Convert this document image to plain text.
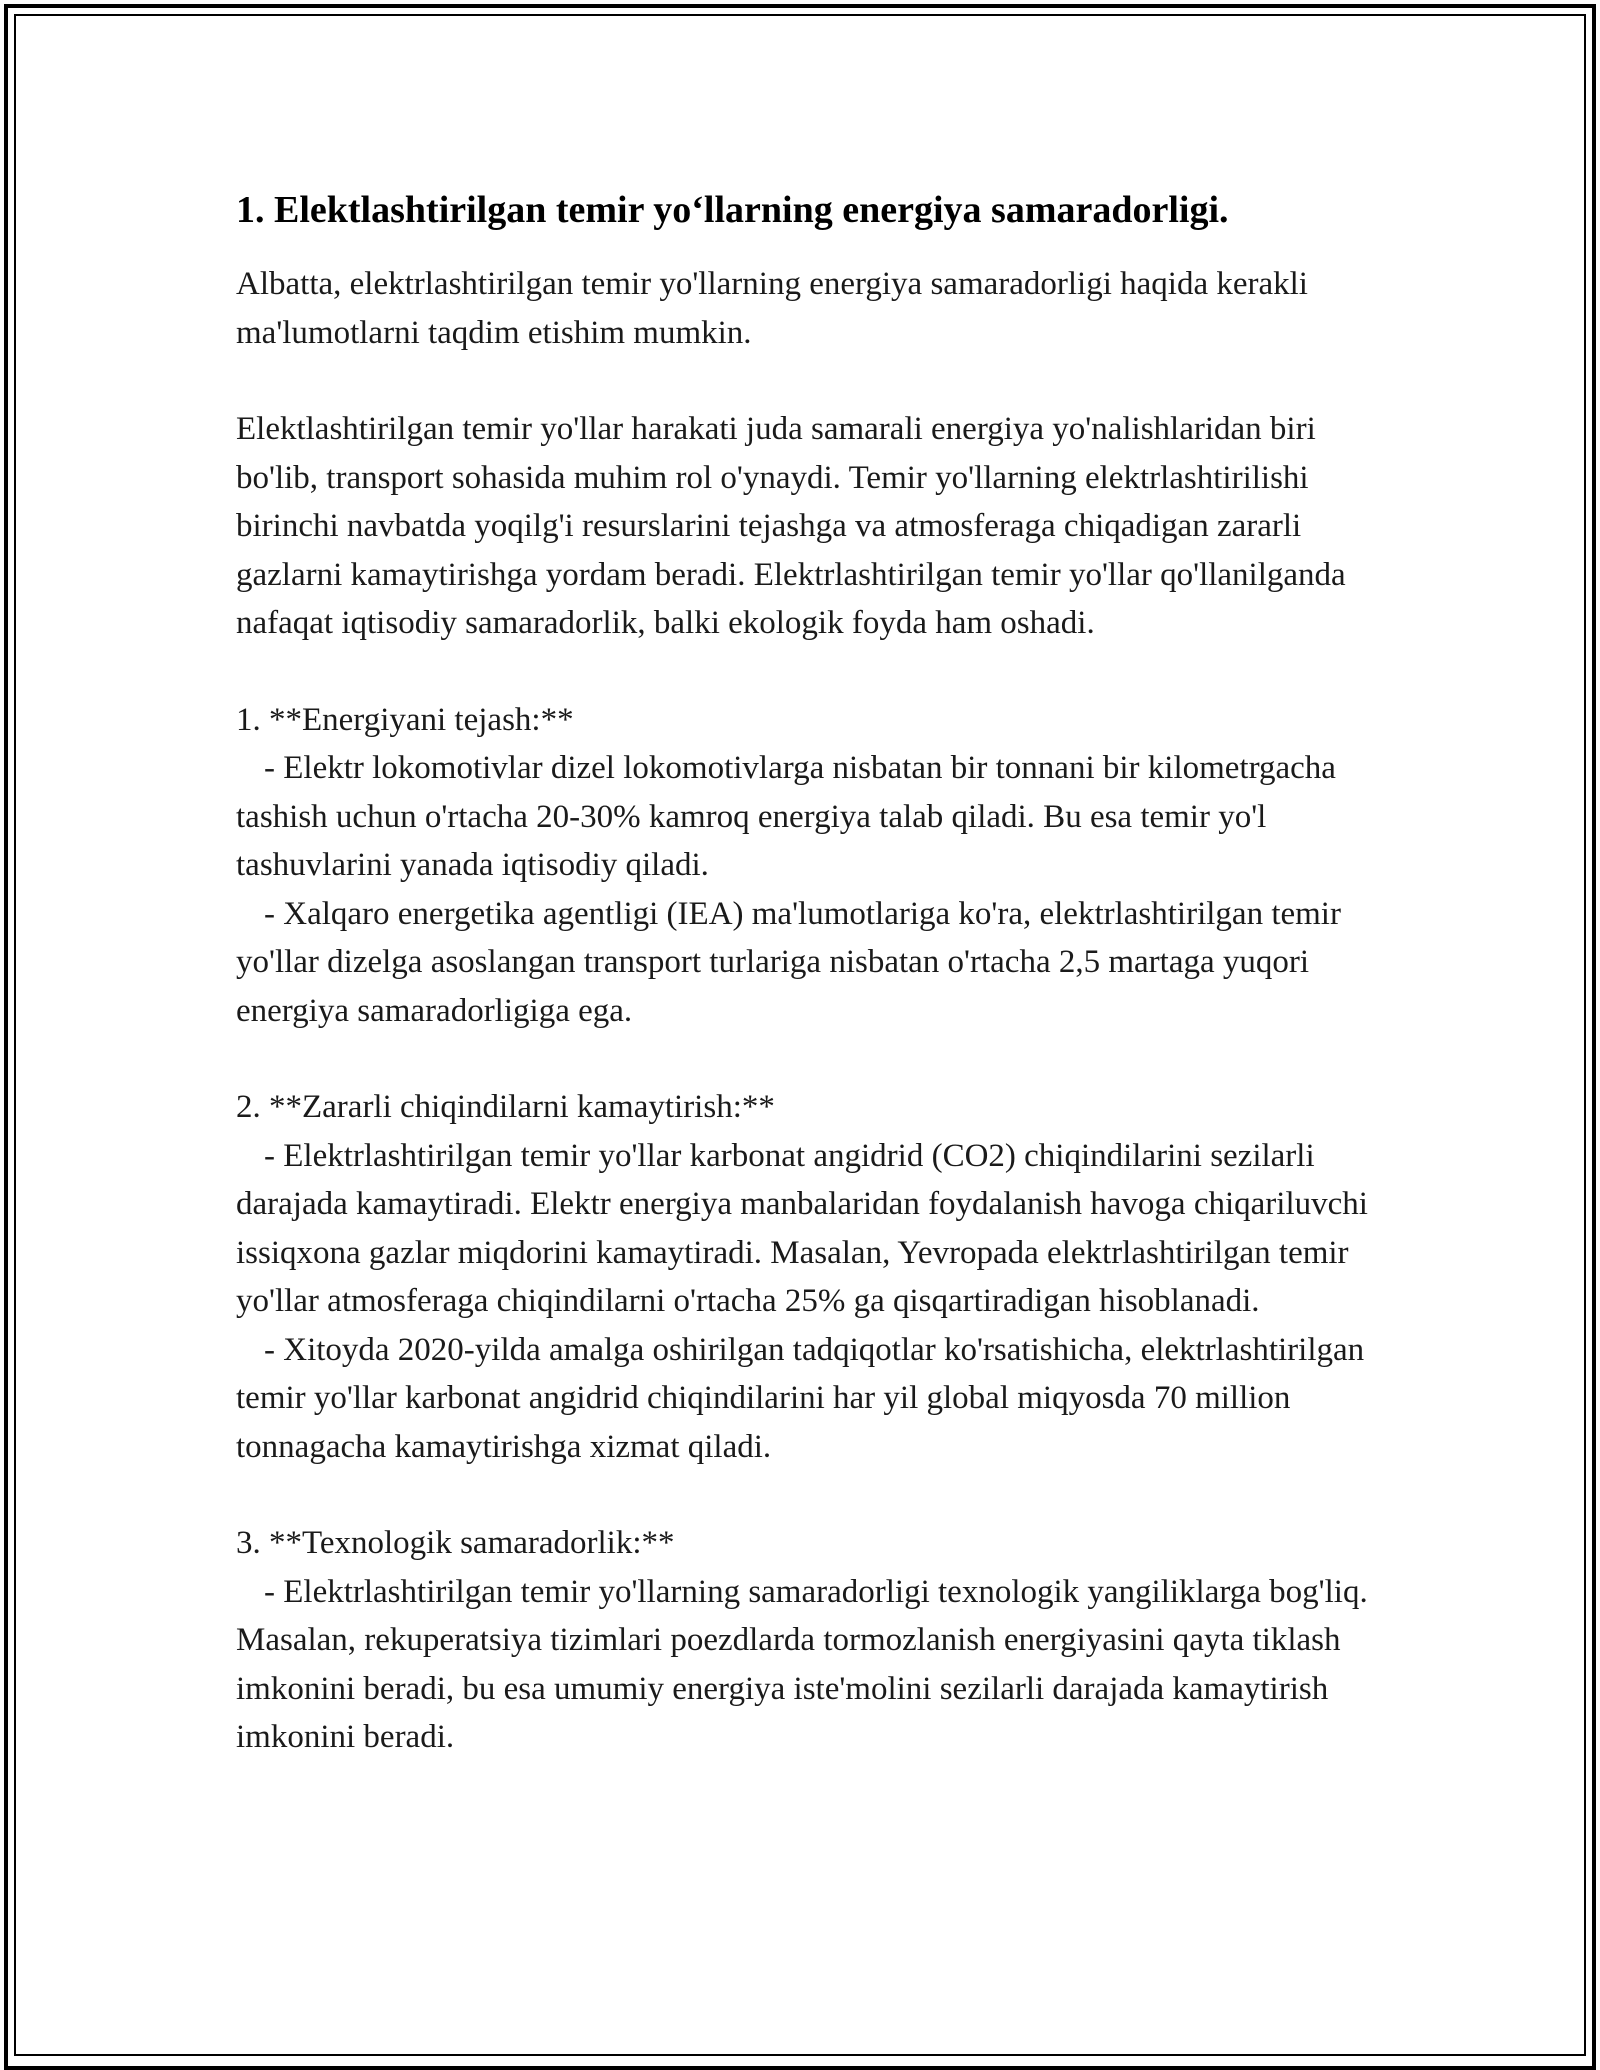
1. Elektlashtirilgan temir yo‘llarning energiya samaradorligi.

Albatta, elektrlashtirilgan temir yo'llarning energiya samaradorligi haqida kerakli ma'lumotlarni taqdim etishim mumkin.

Elektlashtirilgan temir yo'llar harakati juda samarali energiya yo'nalishlaridan biri bo'lib, transport sohasida muhim rol o'ynaydi. Temir yo'llarning elektrlashtirilishi birinchi navbatda yoqilg'i resurslarini tejashga va atmosferaga chiqadigan zararli gazlarni kamaytirishga yordam beradi. Elektrlashtirilgan temir yo'llar qo'llanilganda nafaqat iqtisodiy samaradorlik, balki ekologik foyda ham oshadi.

1. **Energiyani tejash:**
- Elektr lokomotivlar dizel lokomotivlarga nisbatan bir tonnani bir kilometrgacha tashish uchun o'rtacha 20-30% kamroq energiya talab qiladi. Bu esa temir yo'l tashuvlarini yanada iqtisodiy qiladi.
- Xalqaro energetika agentligi (IEA) ma'lumotlariga ko'ra, elektrlashtirilgan temir yo'llar dizelga asoslangan transport turlariga nisbatan o'rtacha 2,5 martaga yuqori energiya samaradorligiga ega.
2. **Zararli chiqindilarni kamaytirish:**
- Elektrlashtirilgan temir yo'llar karbonat angidrid (CO2) chiqindilarini sezilarli darajada kamaytiradi. Elektr energiya manbalaridan foydalanish havoga chiqariluvchi issiqxona gazlar miqdorini kamaytiradi. Masalan, Yevropada elektrlashtirilgan temir yo'llar atmosferaga chiqindilarni o'rtacha 25% ga qisqartiradigan hisoblanadi.
- Xitoyda 2020-yilda amalga oshirilgan tadqiqotlar ko'rsatishicha, elektrlashtirilgan temir yo'llar karbonat angidrid chiqindilarini har yil global miqyosda 70 million tonnagacha kamaytirishga xizmat qiladi.
3. **Texnologik samaradorlik:**
- Elektrlashtirilgan temir yo'llarning samaradorligi texnologik yangiliklarga bog'liq. Masalan, rekuperatsiya tizimlari poezdlarda tormozlanish energiyasini qayta tiklash imkonini beradi, bu esa umumiy energiya iste'molini sezilarli darajada kamaytirish imkonini beradi.
